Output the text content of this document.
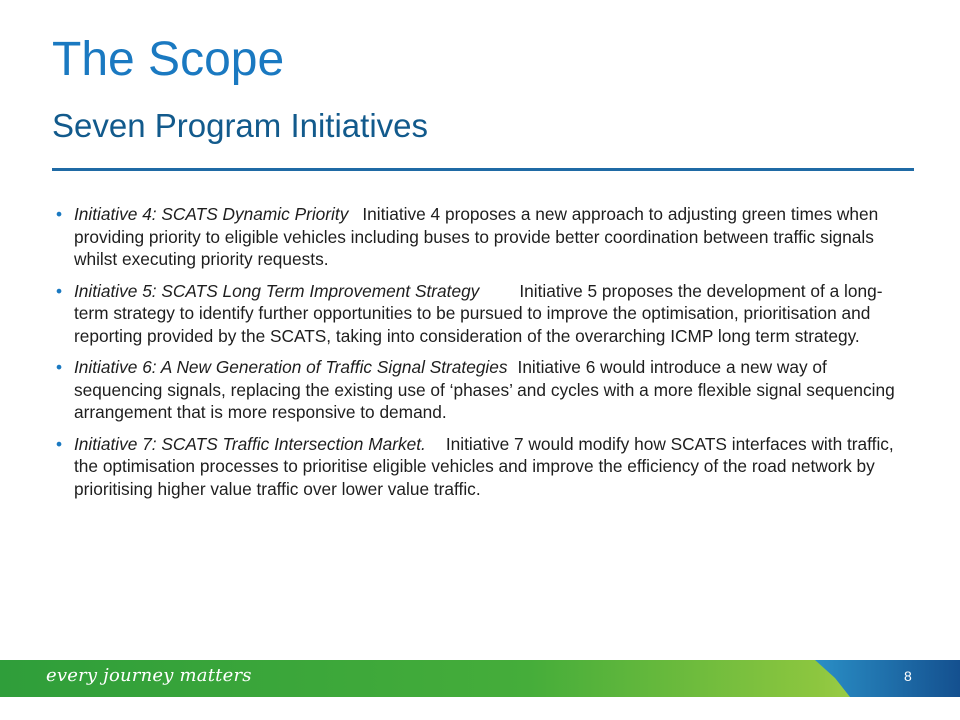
The Scope
Seven Program Initiatives
• Initiative 4: SCATS Dynamic Priority Initiative 4 proposes a new approach to adjusting green times when providing priority to eligible vehicles including buses to provide better coordination between traffic signals whilst executing priority requests.
• Initiative 5: SCATS Long Term Improvement Strategy Initiative 5 proposes the development of a long-term strategy to identify further opportunities to be pursued to improve the optimisation, prioritisation and reporting provided by the SCATS, taking into consideration of the overarching ICMP long term strategy.
• Initiative 6: A New Generation of Traffic Signal Strategies Initiative 6 would introduce a new way of sequencing signals, replacing the existing use of ‘phases’ and cycles with a more flexible signal sequencing arrangement that is more responsive to demand.
• Initiative 7: SCATS Traffic Intersection Market. Initiative 7 would modify how SCATS interfaces with traffic, the optimisation processes to prioritise eligible vehicles and improve the efficiency of the road network by prioritising higher value traffic over lower value traffic.
every journey matters	8
